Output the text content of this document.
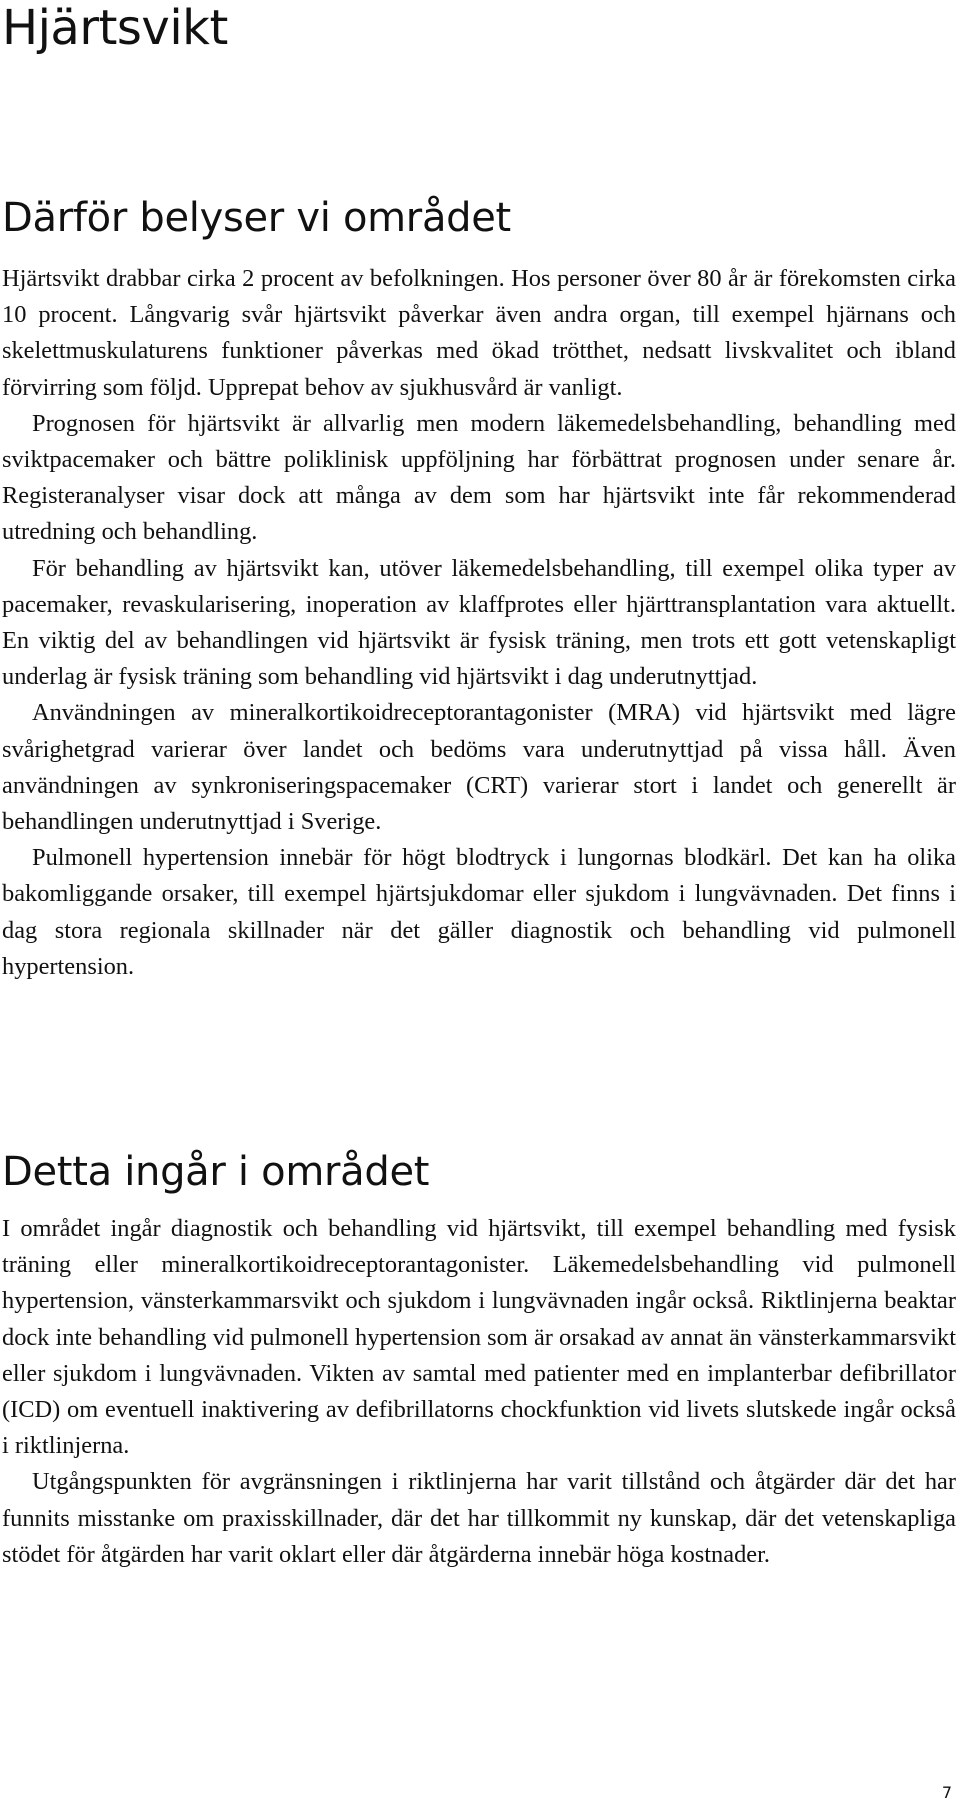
Hjärtsvikt
Därför belyser vi området

Hjärtsvikt drabbar cirka 2 procent av befolkningen. Hos personer över 80 år är förekomsten cirka 10 procent. Långvarig svår hjärtsvikt påverkar även andra organ, till exempel hjärnans och skelettmuskulaturens funktioner påverkas med ökad trötthet, nedsatt livskvalitet och ibland förvirring som följd. Upprepat behov av sjukhusvård är vanligt.

Prognosen för hjärtsvikt är allvarlig men modern läkemedelsbehandling, behandling med sviktpacemaker och bättre poliklinisk uppföljning har förbättrat prognosen under senare år. Registeranalyser visar dock att många av dem som har hjärtsvikt inte får rekommenderad utredning och behandling.

För behandling av hjärtsvikt kan, utöver läkemedelsbehandling, till exempel olika typer av pacemaker, revaskularisering, inoperation av klaffprotes eller hjärttransplantation vara aktuellt. En viktig del av behandlingen vid hjärtsvikt är fysisk träning, men trots ett gott vetenskapligt underlag är fysisk träning som behandling vid hjärtsvikt i dag underutnyttjad.

Användningen av mineralkortikoidreceptorantagonister (MRA) vid hjärtsvikt med lägre svårighetgrad varierar över landet och bedöms vara underutnyttjad på vissa håll. Även användningen av synkroniseringspacemaker (CRT) varierar stort i landet och generellt är behandlingen underutnyttjad i Sverige.

Pulmonell hypertension innebär för högt blodtryck i lungornas blodkärl. Det kan ha olika bakomliggande orsaker, till exempel hjärtsjukdomar eller sjukdom i lungvävnaden. Det finns i dag stora regionala skillnader när det gäller diagnostik och behandling vid pulmonell hypertension.

Detta ingår i området

I området ingår diagnostik och behandling vid hjärtsvikt, till exempel behandling med fysisk träning eller mineralkortikoidreceptorantagonister. Läkemedelsbehandling vid pulmonell hypertension, vänsterkammarsvikt och sjukdom i lungvävnaden ingår också. Riktlinjerna beaktar dock inte behandling vid pulmonell hypertension som är orsakad av annat än vänsterkammarsvikt eller sjukdom i lungvävnaden. Vikten av samtal med patienter med en implanterbar defibrillator (ICD) om eventuell inaktivering av defibrillatorns chockfunktion vid livets slutskede ingår också i riktlinjerna.

Utgångspunkten för avgränsningen i riktlinjerna har varit tillstånd och åtgärder där det har funnits misstanke om praxisskillnader, där det har tillkommit ny kunskap, där det vetenskapliga stödet för åtgärden har varit oklart eller där åtgärderna innebär höga kostnader.

7
